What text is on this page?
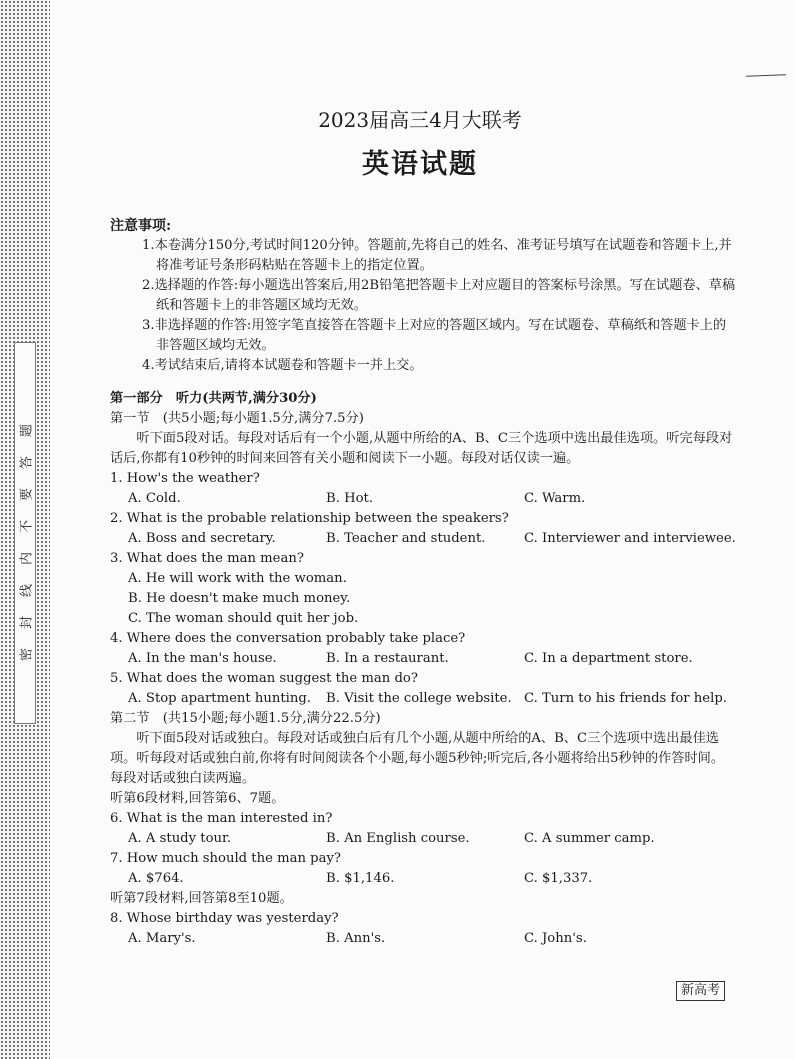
密封线内不要答题
2023届高三4月大联考
英语试题
注意事项:
1.本卷满分150分,考试时间120分钟。答题前,先将自己的姓名、准考证号填写在试题卷和答题卡上,并将准考证号条形码粘贴在答题卡上的指定位置。
2.选择题的作答:每小题选出答案后,用2B铅笔把答题卡上对应题目的答案标号涂黑。写在试题卷、草稿纸和答题卡上的非答题区域均无效。
3.非选择题的作答:用签字笔直接答在答题卡上对应的答题区域内。写在试题卷、草稿纸和答题卡上的非答题区域均无效。
4.考试结束后,请将本试题卷和答题卡一并上交。
第一部分　听力(共两节,满分30分)
第一节　(共5小题;每小题1.5分,满分7.5分)
听下面5段对话。每段对话后有一个小题,从题中所给的A、B、C三个选项中选出最佳选项。听完每段对话后,你都有10秒钟的时间来回答有关小题和阅读下一小题。每段对话仅读一遍。
1. How's the weather?
A. Cold.	B. Hot.	C. Warm.
2. What is the probable relationship between the speakers?
A. Boss and secretary.	B. Teacher and student.	C. Interviewer and interviewee.
3. What does the man mean?
A. He will work with the woman.
B. He doesn't make much money.
C. The woman should quit her job.
4. Where does the conversation probably take place?
A. In the man's house.	B. In a restaurant.	C. In a department store.
5. What does the woman suggest the man do?
A. Stop apartment hunting.	B. Visit the college website. C. Turn to his friends for help.
第二节　(共15小题;每小题1.5分,满分22.5分)
听下面5段对话或独白。每段对话或独白后有几个小题,从题中所给的A、B、C三个选项中选出最佳选项。听每段对话或独白前,你将有时间阅读各个小题,每小题5秒钟;听完后,各小题将给出5秒钟的作答时间。每段对话或独白读两遍。
听第6段材料,回答第6、7题。
6. What is the man interested in?
A. A study tour.	B. An English course.	C. A summer camp.
7. How much should the man pay?
A. $764.	B. $1,146.	C. $1,337.
听第7段材料,回答第8至10题。
8. Whose birthday was yesterday?
A. Mary's.	B. Ann's.	C. John's.
新高考
